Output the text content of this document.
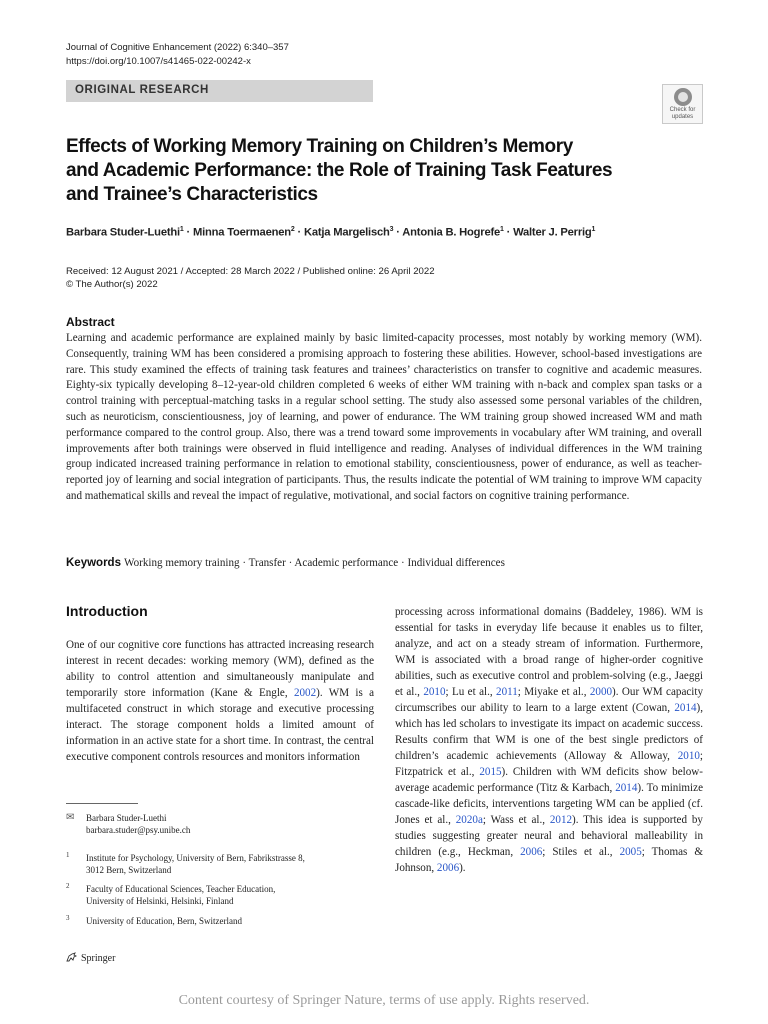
Journal of Cognitive Enhancement (2022) 6:340–357
https://doi.org/10.1007/s41465-022-00242-x
ORIGINAL RESEARCH
Check for
updates
Effects of Working Memory Training on Children’s Memory
and Academic Performance: the Role of Training Task Features
and Trainee’s Characteristics
Barbara Studer-Luethi$^1$ · Minna Toermaenen$^2$ · Katja Margelisch$^3$ · Antonia B. Hogrefe$^1$ · Walter J. Perrig$^1$
Received: 12 August 2021 / Accepted: 28 March 2022 / Published online: 26 April 2022
© The Author(s) 2022
Abstract
Learning and academic performance are explained mainly by basic limited-capacity processes, most notably by working memory (WM). Consequently, training WM has been considered a promising approach to fostering these abilities. However, school-based investigations are rare. This study examined the effects of training task features and trainees’ characteristics on transfer to cognitive and academic measures. Eighty-six typically developing 8–12-year-old children completed 6 weeks of either WM training with n-back and complex span tasks or a control training with perceptual-matching tasks in a regular school setting. The study also assessed some personal variables of the children, such as neuroticism, conscientiousness, joy of learning, and power of endurance. The WM training group showed increased WM and math performance compared to the control group. Also, there was a trend toward some improvements in vocabulary after WM training, and overall improvements after both trainings were observed in fluid intelligence and reading. Analyses of individual differences in the WM training group indicated increased training performance in relation to emotional stability, conscientiousness, power of endurance, as well as teacher-reported joy of learning and social integration of participants. Thus, the results indicate the potential of WM training to improve WM capacity and mathematical skills and reveal the impact of regulative, motivational, and social factors on cognitive training performance.
Keywords Working memory training · Transfer · Academic performance · Individual differences
Introduction
One of our cognitive core functions has attracted increasing research interest in recent decades: working memory (WM), defined as the ability to control attention and simultaneously manipulate and temporarily store information (Kane & Engle, 2002). WM is a multifaceted construct in which storage and executive processing interact. The storage component holds a limited amount of information in an active state for a short time. In contrast, the central executive component controls resources and monitors information
processing across informational domains (Baddeley, 1986). WM is essential for tasks in everyday life because it enables us to filter, analyze, and act on a steady stream of information. Furthermore, WM is associated with a broad range of higher-order cognitive abilities, such as executive control and problem-solving (e.g., Jaeggi et al., 2010; Lu et al., 2011; Miyake et al., 2000). Our WM capacity circumscribes our ability to learn to a large extent (Cowan, 2014), which has led scholars to investigate its impact on academic success. Results confirm that WM is one of the best single predictors of children’s academic achievements (Alloway & Alloway, 2010; Fitzpatrick et al., 2015). Children with WM deficits show below-average academic performance (Titz & Karbach, 2014). To minimize cascade-like deficits, interventions targeting WM can be applied (cf. Jones et al., 2020a; Wass et al., 2012). This idea is supported by studies suggesting greater neural and behavioral malleability in children (e.g., Heckman, 2006; Stiles et al., 2005; Thomas & Johnson, 2006).
✉ Barbara Studer-Luethi
barbara.studer@psy.unibe.ch
1 Institute for Psychology, University of Bern, Fabrikstrasse 8,
3012 Bern, Switzerland
2 Faculty of Educational Sciences, Teacher Education,
University of Helsinki, Helsinki, Finland
3 University of Education, Bern, Switzerland
Springer
Content courtesy of Springer Nature, terms of use apply. Rights reserved.
